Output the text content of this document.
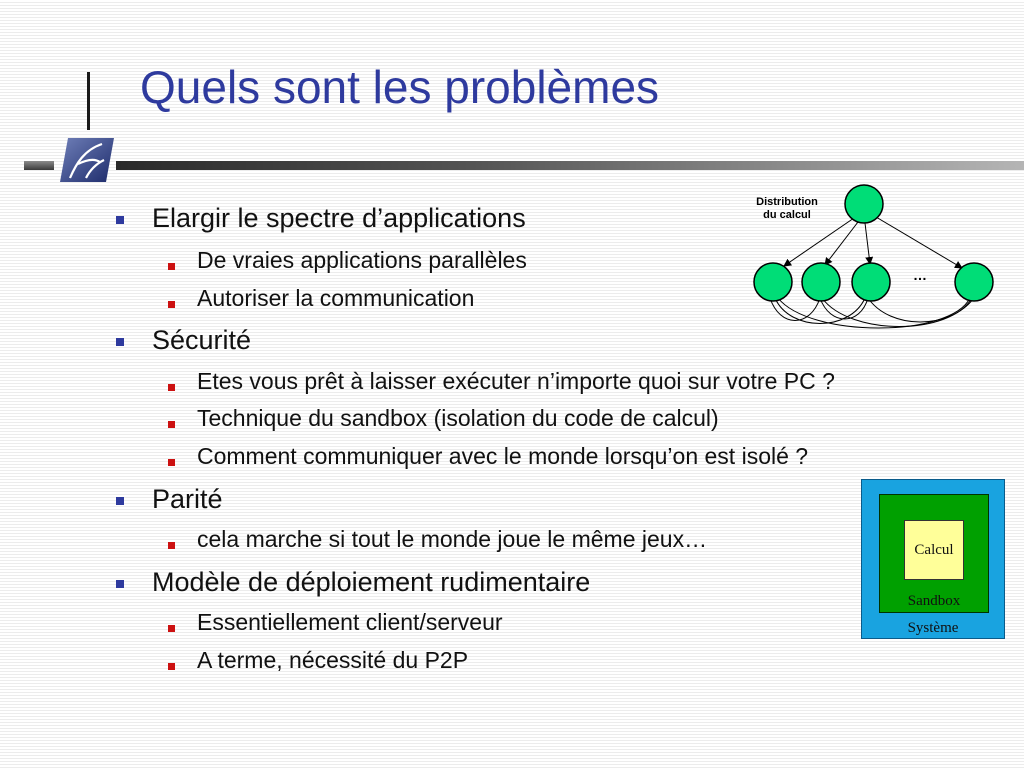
Quels sont les problèmes
Elargir le spectre d’applications
De vraies applications parallèles
Autoriser la communication
Sécurité
Etes vous prêt à laisser exécuter n’importe quoi sur votre PC ?
Technique du sandbox (isolation du code de calcul)
Comment communiquer avec le monde lorsqu’on est isolé ?
Parité
cela marche si tout le monde joue le même jeux…
Modèle de déploiement rudimentaire
Essentiellement client/serveur
A terme, nécessité du P2P
Distribution
du calcul
…
Calcul
Sandbox
Système
